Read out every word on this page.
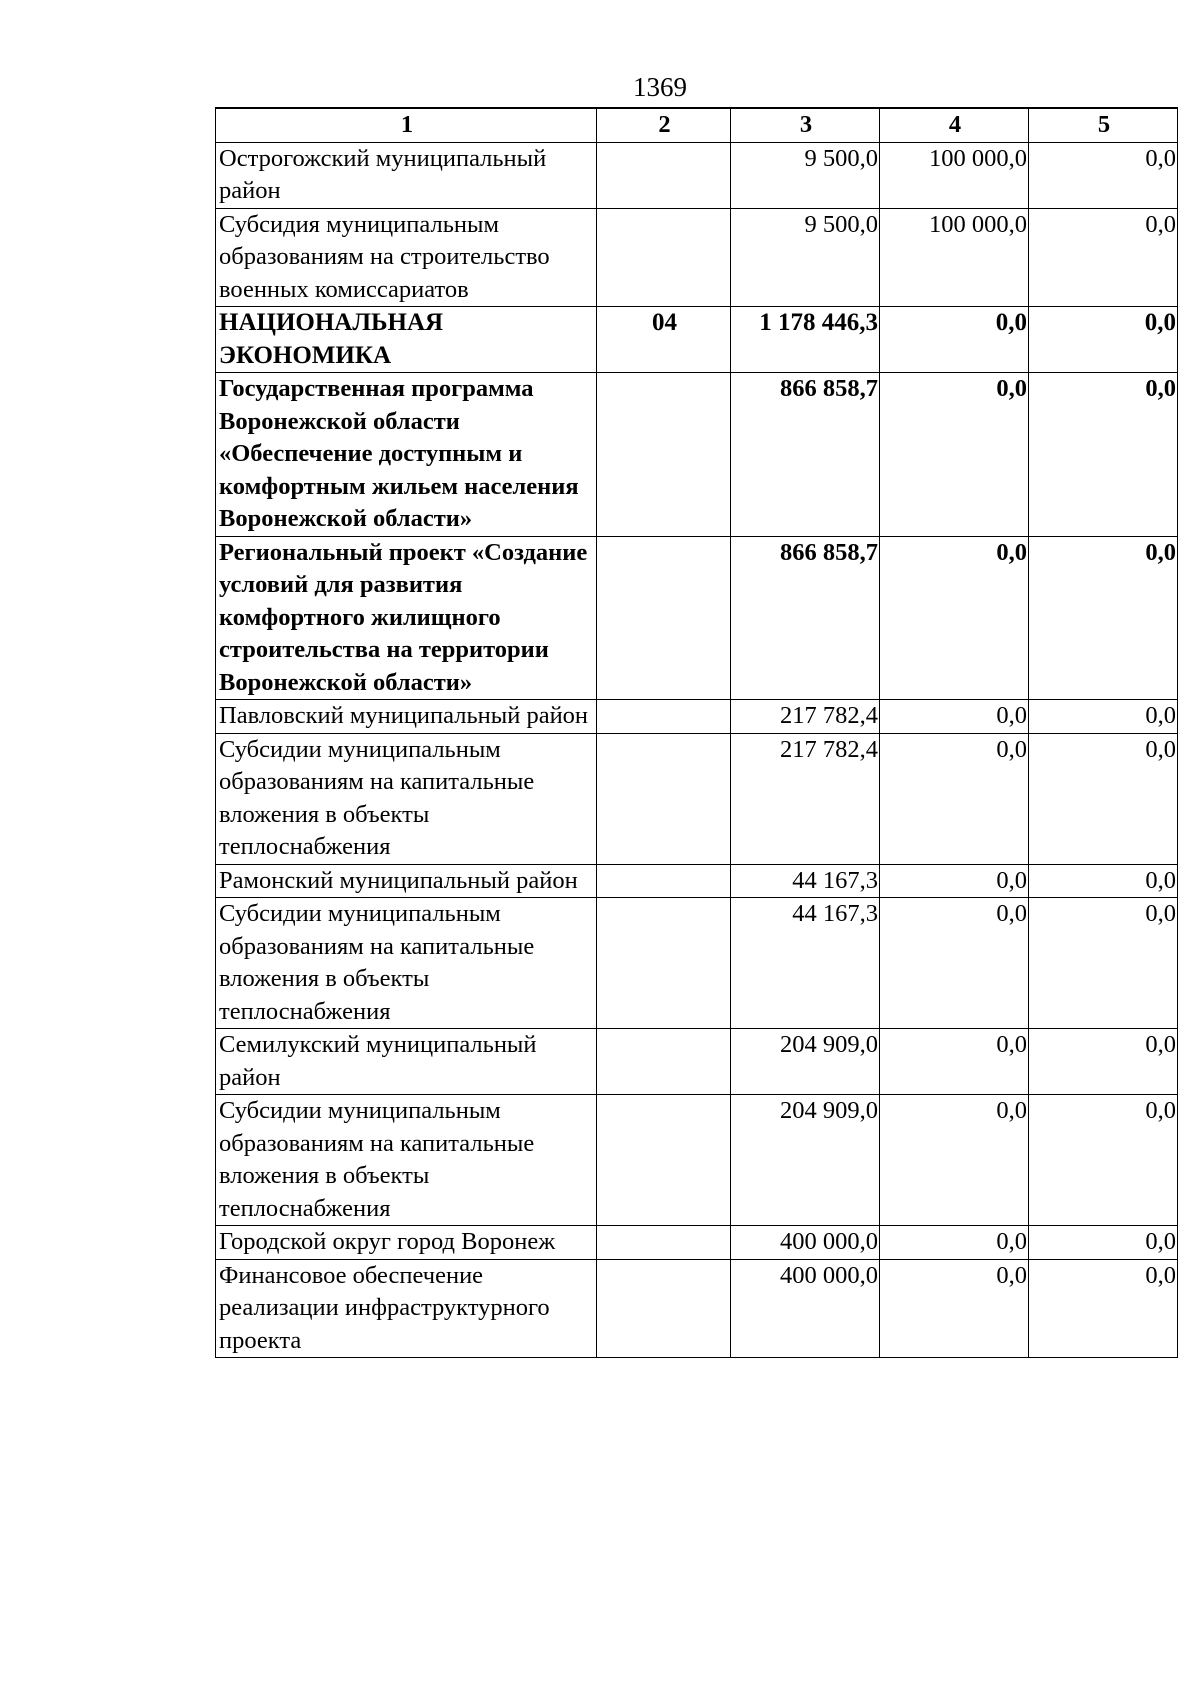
1369
1	2	3	4	5
Острогожский муниципальный район		9 500,0	100 000,0	0,0
Субсидия муниципальным образованиям на строительство военных комиссариатов		9 500,0	100 000,0	0,0
НАЦИОНАЛЬНАЯ ЭКОНОМИКА	04	1 178 446,3	0,0	0,0
Государственная программа Воронежской области «Обеспечение доступным и комфортным жильем населения Воронежской области»		866 858,7	0,0	0,0
Региональный проект «Создание условий для развития комфортного жилищного строительства на территории Воронежской области»		866 858,7	0,0	0,0
Павловский муниципальный район		217 782,4	0,0	0,0
Субсидии муниципальным образованиям на капитальные вложения в объекты теплоснабжения		217 782,4	0,0	0,0
Рамонский муниципальный район		44 167,3	0,0	0,0
Субсидии муниципальным образованиям на капитальные вложения в объекты теплоснабжения		44 167,3	0,0	0,0
Семилукский муниципальный район		204 909,0	0,0	0,0
Субсидии муниципальным образованиям на капитальные вложения в объекты теплоснабжения		204 909,0	0,0	0,0
Городской округ город Воронеж		400 000,0	0,0	0,0
Финансовое обеспечение реализации инфраструктурного проекта		400 000,0	0,0	0,0
